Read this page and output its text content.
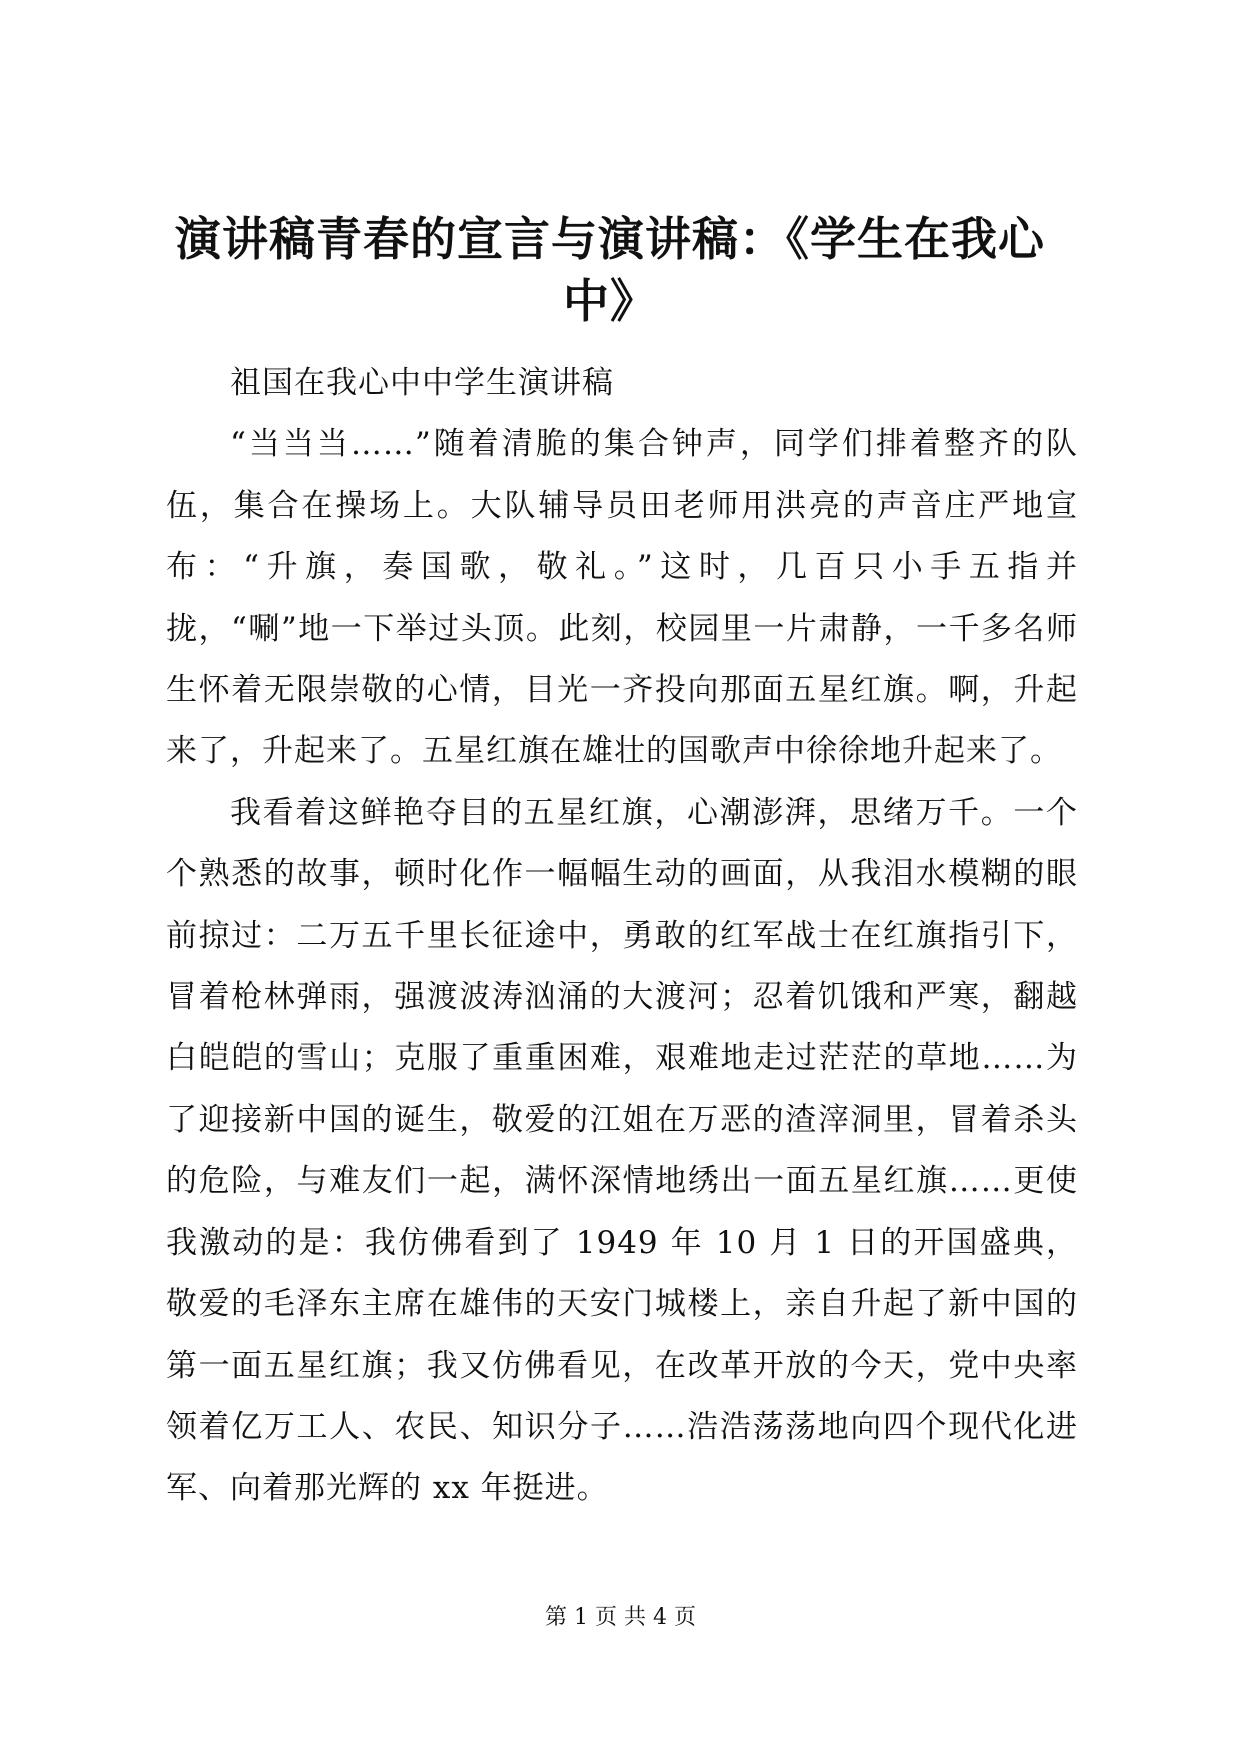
演讲稿青春的宣言与演讲稿：《学生在我心中》

祖国在我心中中学生演讲稿

“当当当……”随着清脆的集合钟声，同学们排着整齐的队伍，集合在操场上。大队辅导员田老师用洪亮的声音庄严地宣布：“升旗，奏国歌，敬礼。”这时，几百只小手五指并拢，“唰”地一下举过头顶。此刻，校园里一片肃静，一千多名师生怀着无限崇敬的心情，目光一齐投向那面五星红旗。啊，升起来了，升起来了。五星红旗在雄壮的国歌声中徐徐地升起来了。

我看着这鲜艳夺目的五星红旗，心潮澎湃，思绪万千。一个个熟悉的故事，顿时化作一幅幅生动的画面，从我泪水模糊的眼前掠过：二万五千里长征途中，勇敢的红军战士在红旗指引下，冒着枪林弹雨，强渡波涛汹涌的大渡河；忍着饥饿和严寒，翻越白皑皑的雪山；克服了重重困难，艰难地走过茫茫的草地……为了迎接新中国的诞生，敬爱的江姐在万恶的渣滓洞里，冒着杀头的危险，与难友们一起，满怀深情地绣出一面五星红旗……更使我激动的是：我仿佛看到了 1949 年 10 月 1 日的开国盛典，敬爱的毛泽东主席在雄伟的天安门城楼上，亲自升起了新中国的第一面五星红旗；我又仿佛看见，在改革开放的今天，党中央率领着亿万工人、农民、知识分子……浩浩荡荡地向四个现代化进军、向着那光辉的 xx 年挺进。

第 1 页 共 4 页
